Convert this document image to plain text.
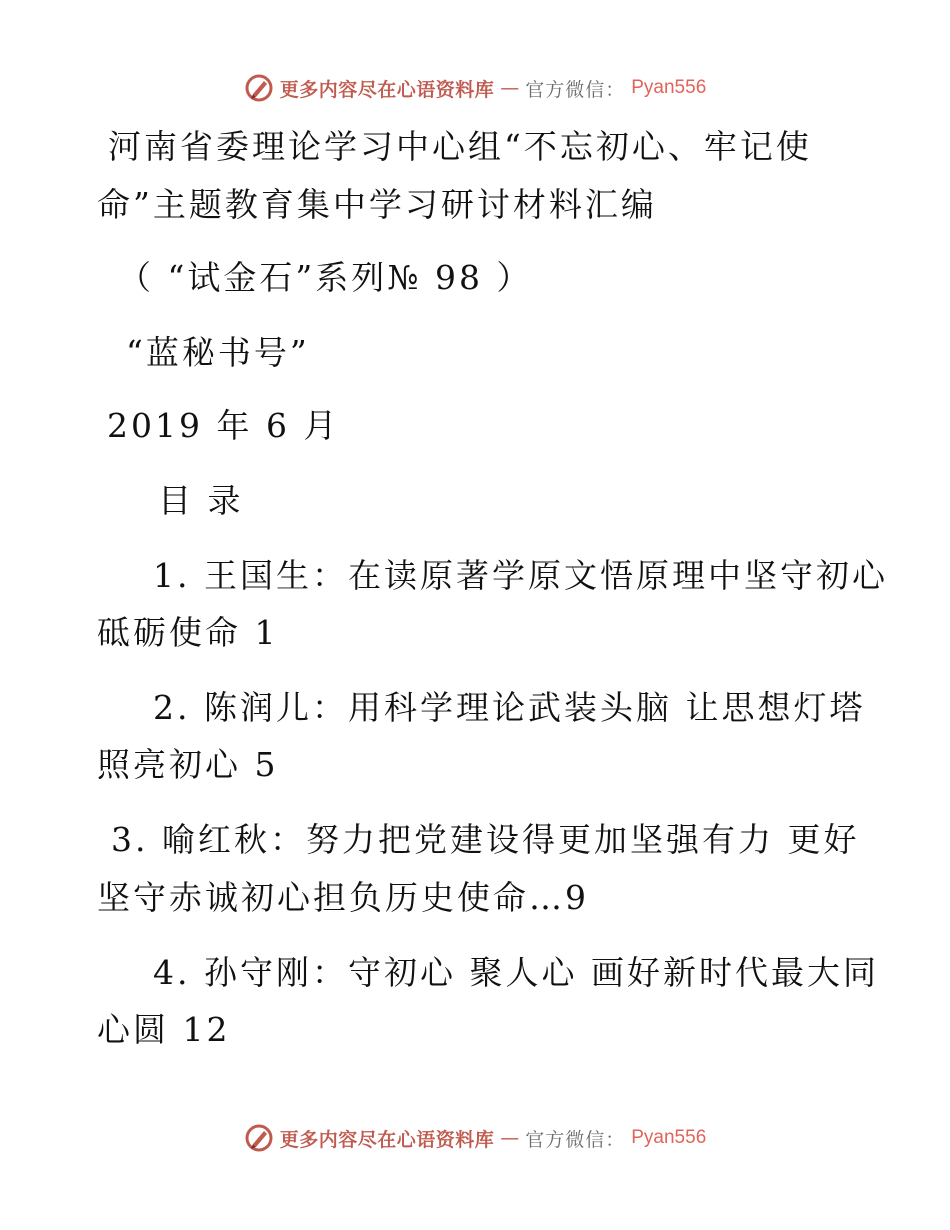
更多内容尽在心语资料库 — 官方微信： Pyan556
河南省委理论学习中心组“不忘初心、牢记使
命”主题教育集中学习研讨材料汇编
（ “试金石”系列№ 98 ）
“蓝秘书号”
2019 年 6 月
目 录
1. 王国生：在读原著学原文悟原理中坚守初心
砥砺使命 1
2. 陈润儿：用科学理论武装头脑 让思想灯塔
照亮初心 5
3. 喻红秋：努力把党建设得更加坚强有力 更好
坚守赤诚初心担负历史使命…9
4. 孙守刚：守初心 聚人心 画好新时代最大同
心圆 12
更多内容尽在心语资料库 — 官方微信： Pyan556
